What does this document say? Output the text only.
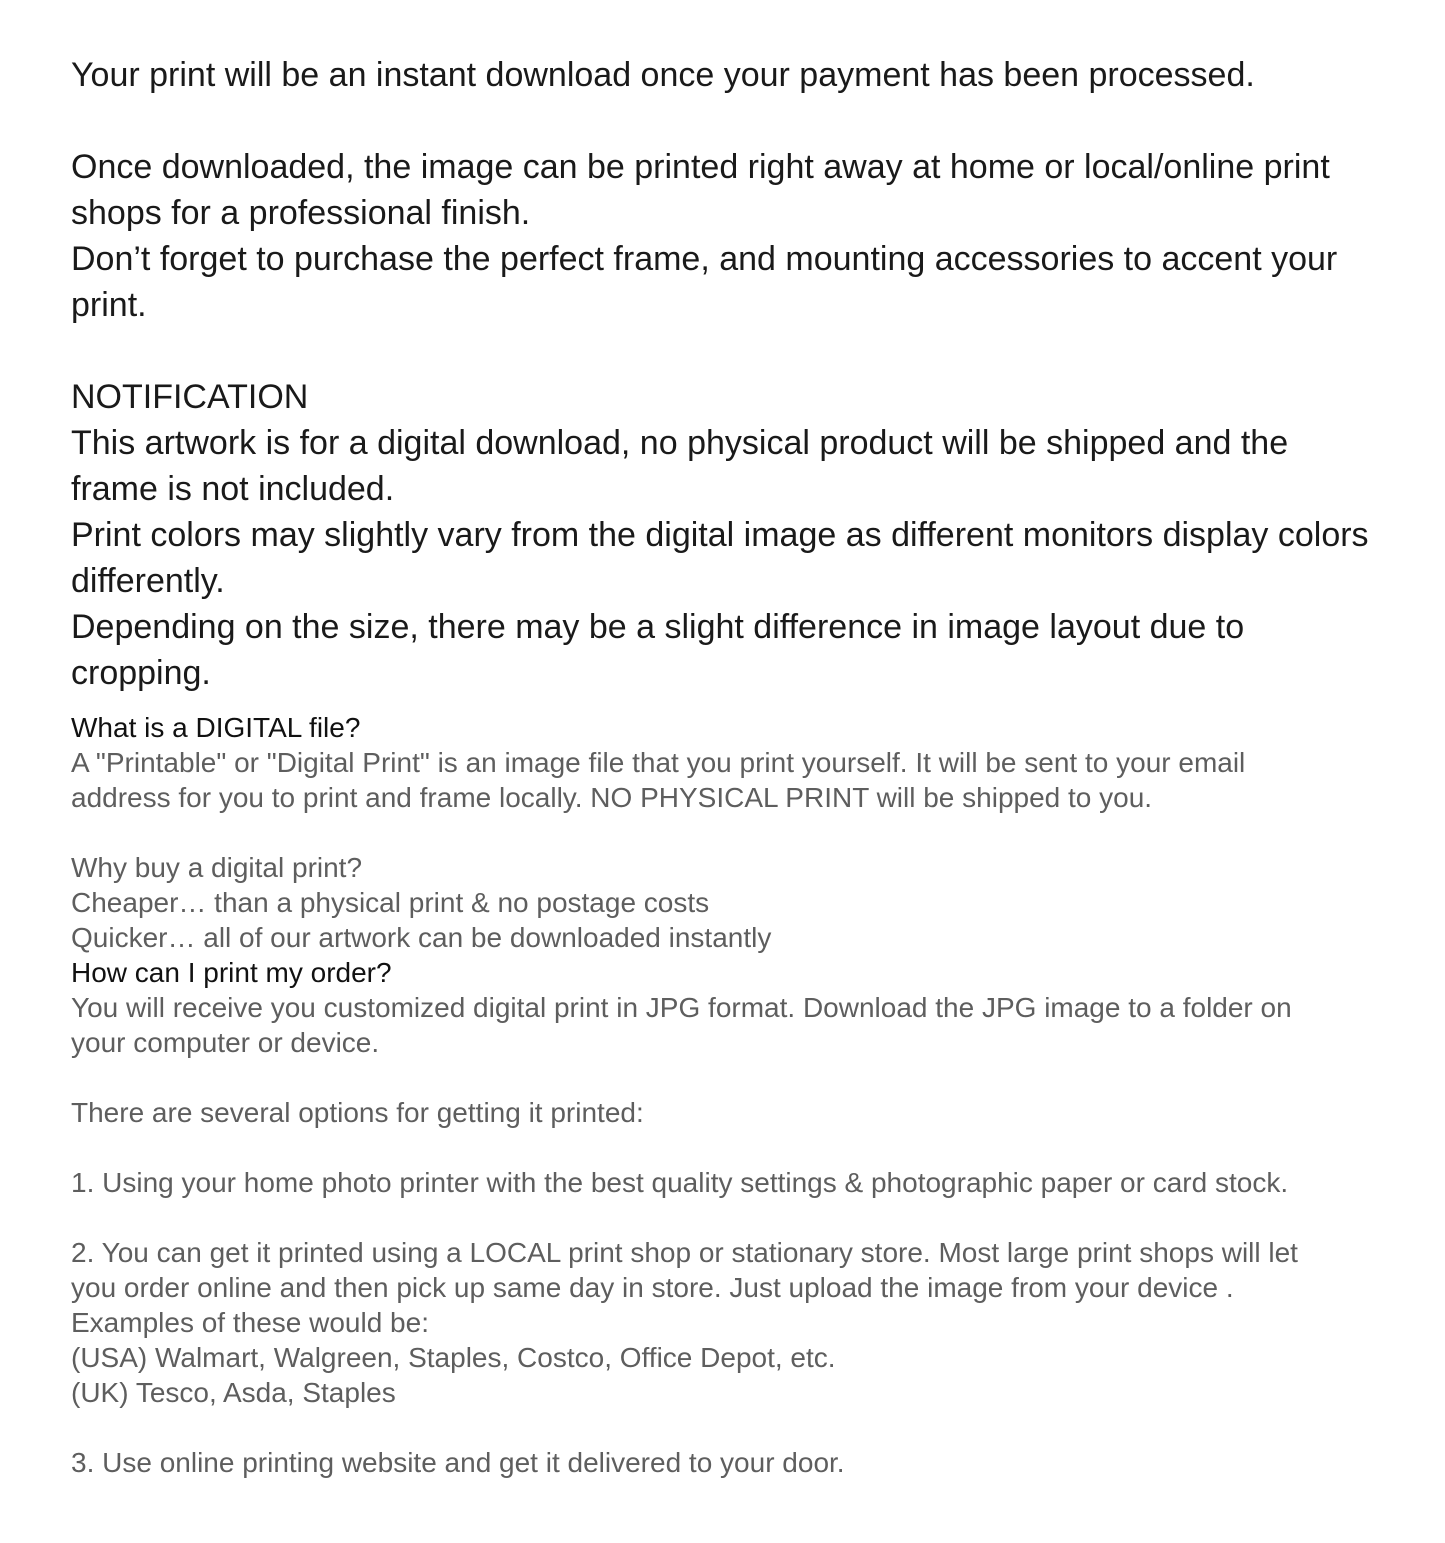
Your print will be an instant download once your payment has been processed.

Once downloaded, the image can be printed right away at home or local/online print

shops for a professional finish.

Don’t forget to purchase the perfect frame, and mounting accessories to accent your

print.

NOTIFICATION

This artwork is for a digital download, no physical product will be shipped and the

frame is not included.

Print colors may slightly vary from the digital image as different monitors display colors

differently.

Depending on the size, there may be a slight difference in image layout due to

cropping.

What is a DIGITAL file?

A "Printable" or "Digital Print" is an image file that you print yourself. It will be sent to your email

address for you to print and frame locally. NO PHYSICAL PRINT will be shipped to you.

Why buy a digital print?

Cheaper… than a physical print & no postage costs

Quicker… all of our artwork can be downloaded instantly

How can I print my order?

You will receive you customized digital print in JPG format. Download the JPG image to a folder on

your computer or device.

There are several options for getting it printed:

1. Using your home photo printer with the best quality settings & photographic paper or card stock.

2. You can get it printed using a LOCAL print shop or stationary store. Most large print shops will let

you order online and then pick up same day in store. Just upload the image from your device .

Examples of these would be:

(USA) Walmart, Walgreen, Staples, Costco, Office Depot, etc.

(UK) Tesco, Asda, Staples

3. Use online printing website and get it delivered to your door.
